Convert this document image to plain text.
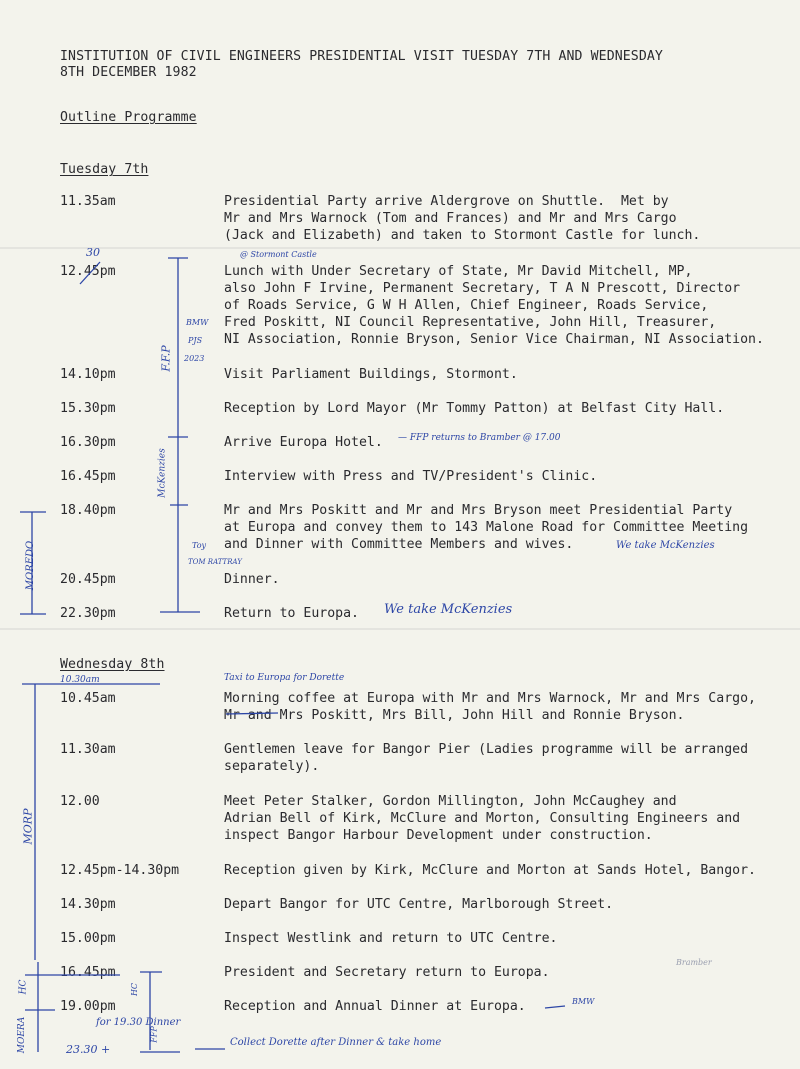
INSTITUTION OF CIVIL ENGINEERS PRESIDENTIAL VISIT TUESDAY 7TH AND WEDNESDAY
8TH DECEMBER 1982
Outline Programme
Tuesday 7th
11.35am	Presidential Party arrive Aldergrove on Shuttle.  Met by
Mr and Mrs Warnock (Tom and Frances) and Mr and Mrs Cargo
(Jack and Elizabeth) and taken to Stormont Castle for lunch.
12.45pm	Lunch with Under Secretary of State, Mr David Mitchell, MP,
also John F Irvine, Permanent Secretary, T A N Prescott, Director
of Roads Service, G W H Allen, Chief Engineer, Roads Service,
Fred Poskitt, NI Council Representative, John Hill, Treasurer,
NI Association, Ronnie Bryson, Senior Vice Chairman, NI Association.
14.10pm	Visit Parliament Buildings, Stormont.
15.30pm	Reception by Lord Mayor (Mr Tommy Patton) at Belfast City Hall.
16.30pm	Arrive Europa Hotel.
16.45pm	Interview with Press and TV/President's Clinic.
18.40pm	Mr and Mrs Poskitt and Mr and Mrs Bryson meet Presidential Party
at Europa and convey them to 143 Malone Road for Committee Meeting
and Dinner with Committee Members and wives.
20.45pm	Dinner.
22.30pm	Return to Europa.
Wednesday 8th
10.45am	Morning coffee at Europa with Mr and Mrs Warnock, Mr and Mrs Cargo,
Mr and Mrs Poskitt, Mrs Bill, John Hill and Ronnie Bryson.
11.30am	Gentlemen leave for Bangor Pier (Ladies programme will be arranged
separately).
12.00	Meet Peter Stalker, Gordon Millington, John McCaughey and
Adrian Bell of Kirk, McClure and Morton, Consulting Engineers and
inspect Bangor Harbour Development under construction.
12.45pm-14.30pm	Reception given by Kirk, McClure and Morton at Sands Hotel, Bangor.
14.30pm	Depart Bangor for UTC Centre, Marlborough Street.
15.00pm	Inspect Westlink and return to UTC Centre.
16.45pm	President and Secretary return to Europa.
19.00pm	Reception and Annual Dinner at Europa.
30	@ Stormont Castle
BMW
PJS
2023
F.F.P
McKenzies
— FFP returns to Bramber @ 17.00
Toy
TOM RATTRAY
We take McKenzies
We take McKenzies
MOREDO
Taxi to Europa for Dorette
10.30am
MORP
BMW
for 19.30 Dinner
23.30 +
Collect Dorette after Dinner & take home
HC
MOERA	FFP
HC
Bramber
